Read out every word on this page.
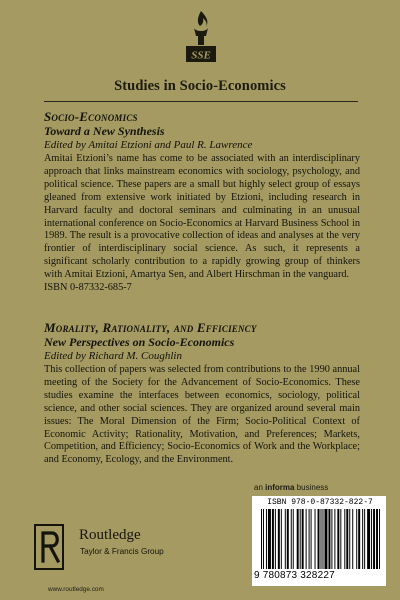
SSE
Studies in Socio-Economics
Socio-Economics
Toward a New Synthesis
Edited by Amitai Etzioni and Paul R. Lawrence
Amitai Etzioni’s name has come to be associated with an interdisciplinary approach that links mainstream economics with sociology, psychology, and political science. These papers are a small but highly select group of essays gleaned from extensive work initiated by Etzioni, including research in Harvard faculty and doctoral seminars and culminating in an unusual international conference on Socio-Economics at Harvard Business School in 1989. The result is a provocative collection of ideas and analyses at the very frontier of interdisciplinary social science. As such, it represents a significant scholarly contribution to a rapidly growing group of thinkers with Amitai Etzioni, Amartya Sen, and Albert Hirschman in the vanguard.
ISBN 0-87332-685-7
Morality, Rationality, and Efficiency
New Perspectives on Socio-Economics
Edited by Richard M. Coughlin
This collection of papers was selected from contributions to the 1990 annual meeting of the Society for the Advancement of Socio-Economics. These studies examine the interfaces between economics, sociology, political science, and other social sciences. They are organized around several main issues: The Moral Dimension of the Firm; Socio-Political Context of Economic Activity; Rationality, Motivation, and Preferences; Markets, Competition, and Efficiency; Socio-Economics of Work and the Workplace; and Economy, Ecology, and the Environment.
an informa business
Routledge
Taylor & Francis Group
www.routledge.com
ISBN 978-0-87332-822-7
9 780873 328227
